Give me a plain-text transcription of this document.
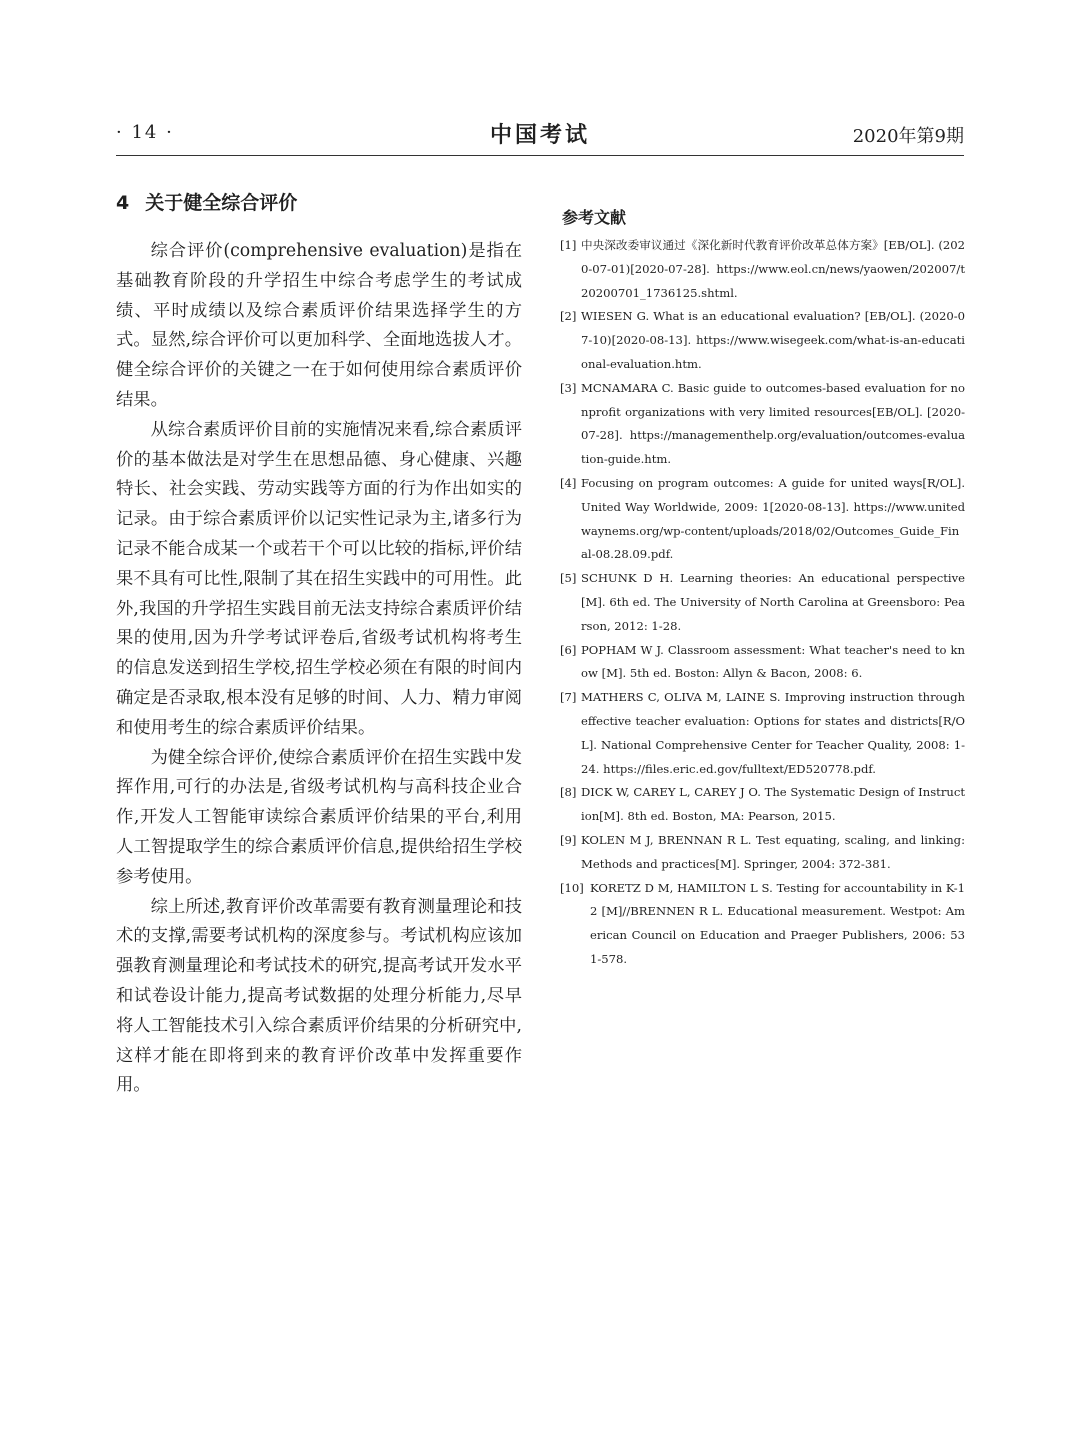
· 14 ·	中国考试	2020年第9期
4 关于健全综合评价

综合评价(comprehensive evaluation)是指在基础教育阶段的升学招生中综合考虑学生的考试成绩、平时成绩以及综合素质评价结果选择学生的方式。显然,综合评价可以更加科学、全面地选拔人才。健全综合评价的关键之一在于如何使用综合素质评价结果。

从综合素质评价目前的实施情况来看,综合素质评价的基本做法是对学生在思想品德、身心健康、兴趣特长、社会实践、劳动实践等方面的行为作出如实的记录。由于综合素质评价以记实性记录为主,诸多行为记录不能合成某一个或若干个可以比较的指标,评价结果不具有可比性,限制了其在招生实践中的可用性。此外,我国的升学招生实践目前无法支持综合素质评价结果的使用,因为升学考试评卷后,省级考试机构将考生的信息发送到招生学校,招生学校必须在有限的时间内确定是否录取,根本没有足够的时间、人力、精力审阅和使用考生的综合素质评价结果。

为健全综合评价,使综合素质评价在招生实践中发挥作用,可行的办法是,省级考试机构与高科技企业合作,开发人工智能审读综合素质评价结果的平台,利用人工智提取学生的综合素质评价信息,提供给招生学校参考使用。

综上所述,教育评价改革需要有教育测量理论和技术的支撑,需要考试机构的深度参与。考试机构应该加强教育测量理论和考试技术的研究,提高考试开发水平和试卷设计能力,提高考试数据的处理分析能力,尽早将人工智能技术引入综合素质评价结果的分析研究中,这样才能在即将到来的教育评价改革中发挥重要作用。

参考文献
[1] 中央深改委审议通过《深化新时代教育评价改革总体方案》[EB/OL]. (2020-07-01)[2020-07-28]. https://www.eol.cn/news/yaowen/202007/t20200701_1736125.shtml.
[2] WIESEN G. What is an educational evaluation? [EB/OL]. (2020-07-10)[2020-08-13]. https://www.wisegeek.com/what-is-an-educational-evaluation.htm.
[3] MCNAMARA C. Basic guide to outcomes-based evaluation for nonprofit organizations with very limited resources[EB/OL]. [2020-07-28]. https://managementhelp.org/evaluation/outcomes-evaluation-guide.htm.
[4] Focusing on program outcomes: A guide for united ways[R/OL]. United Way Worldwide, 2009: 1[2020-08-13]. https://www.unitedwaynems.org/wp-content/uploads/2018/02/Outcomes_Guide_Final-08.28.09.pdf.
[5] SCHUNK D H. Learning theories: An educational perspective[M]. 6th ed. The University of North Carolina at Greensboro: Pearson, 2012: 1-28.
[6] POPHAM W J. Classroom assessment: What teacher's need to know [M]. 5th ed. Boston: Allyn & Bacon, 2008: 6.
[7] MATHERS C, OLIVA M, LAINE S. Improving instruction through effective teacher evaluation: Options for states and districts[R/OL]. National Comprehensive Center for Teacher Quality, 2008: 1-24. https://files.eric.ed.gov/fulltext/ED520778.pdf.
[8] DICK W, CAREY L, CAREY J O. The Systematic Design of Instruction[M]. 8th ed. Boston, MA: Pearson, 2015.
[9] KOLEN M J, BRENNAN R L. Test equating, scaling, and linking: Methods and practices[M]. Springer, 2004: 372-381.
[10] KORETZ D M, HAMILTON L S. Testing for accountability in K-12 [M]//BRENNEN R L. Educational measurement. Westpot: American Council on Education and Praeger Publishers, 2006: 531-578.
